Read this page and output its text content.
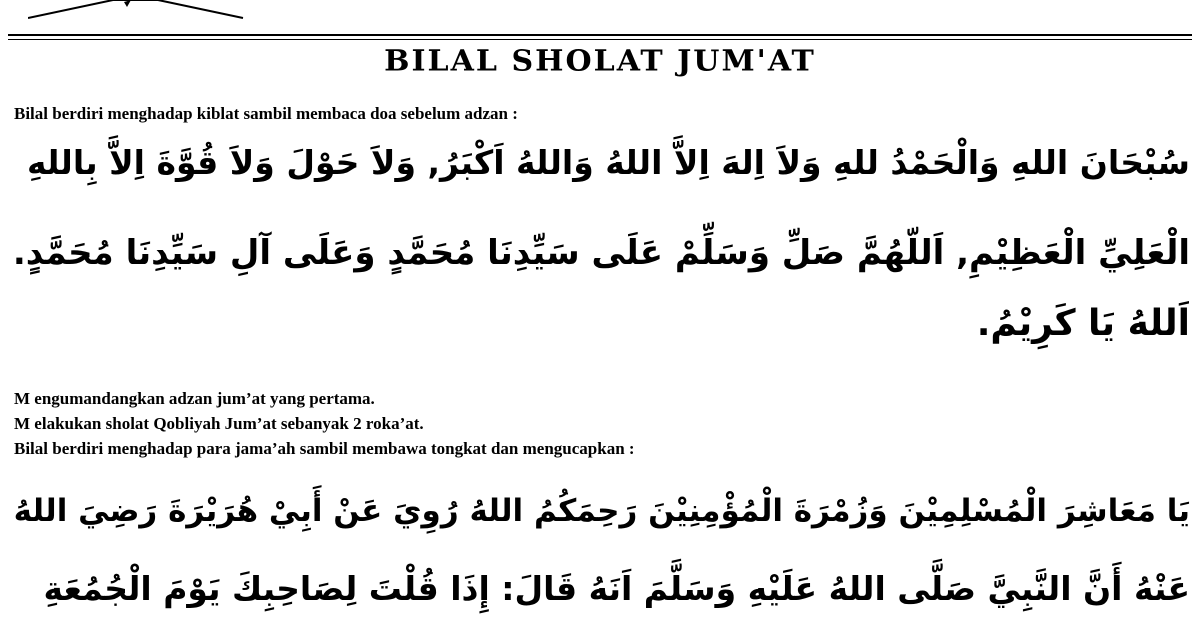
BILAL SHOLAT JUM'AT
Bilal berdiri menghadap kiblat sambil membaca doa sebelum adzan :
سُبْحَانَ اللهِ وَالْحَمْدُ للهِ وَلاَ اِلهَ اِلاَّ اللهُ وَاللهُ اَكْبَرُ, وَلاَ حَوْلَ وَلاَ قُوَّةَ اِلاَّ بِاللهِ
الْعَلِيِّ الْعَظِيْمِ, اَللّهُمَّ صَلِّ وَسَلِّمْ عَلَى سَيِّدِنَا مُحَمَّدٍ وَعَلَى آلِ سَيِّدِنَا مُحَمَّدٍ.
اَللهُ يَا كَرِيْمُ.
M engumandangkan adzan jum’at yang pertama.
M elakukan sholat Qobliyah Jum’at sebanyak 2 roka’at.
Bilal berdiri menghadap para jama’ah sambil membawa tongkat dan mengucapkan :
يَا مَعَاشِرَ الْمُسْلِمِيْنَ وَزُمْرَةَ الْمُؤْمِنِيْنَ رَحِمَكُمُ اللهُ رُوِيَ عَنْ أَبِيْ هُرَيْرَةَ رَضِيَ اللهُ
عَنْهُ أَنَّ النَّبِيَّ صَلَّى اللهُ عَلَيْهِ وَسَلَّمَ اَنَهُ قَالَ: إِذَا قُلْتَ لِصَاحِبِكَ يَوْمَ الْجُمُعَةِ
